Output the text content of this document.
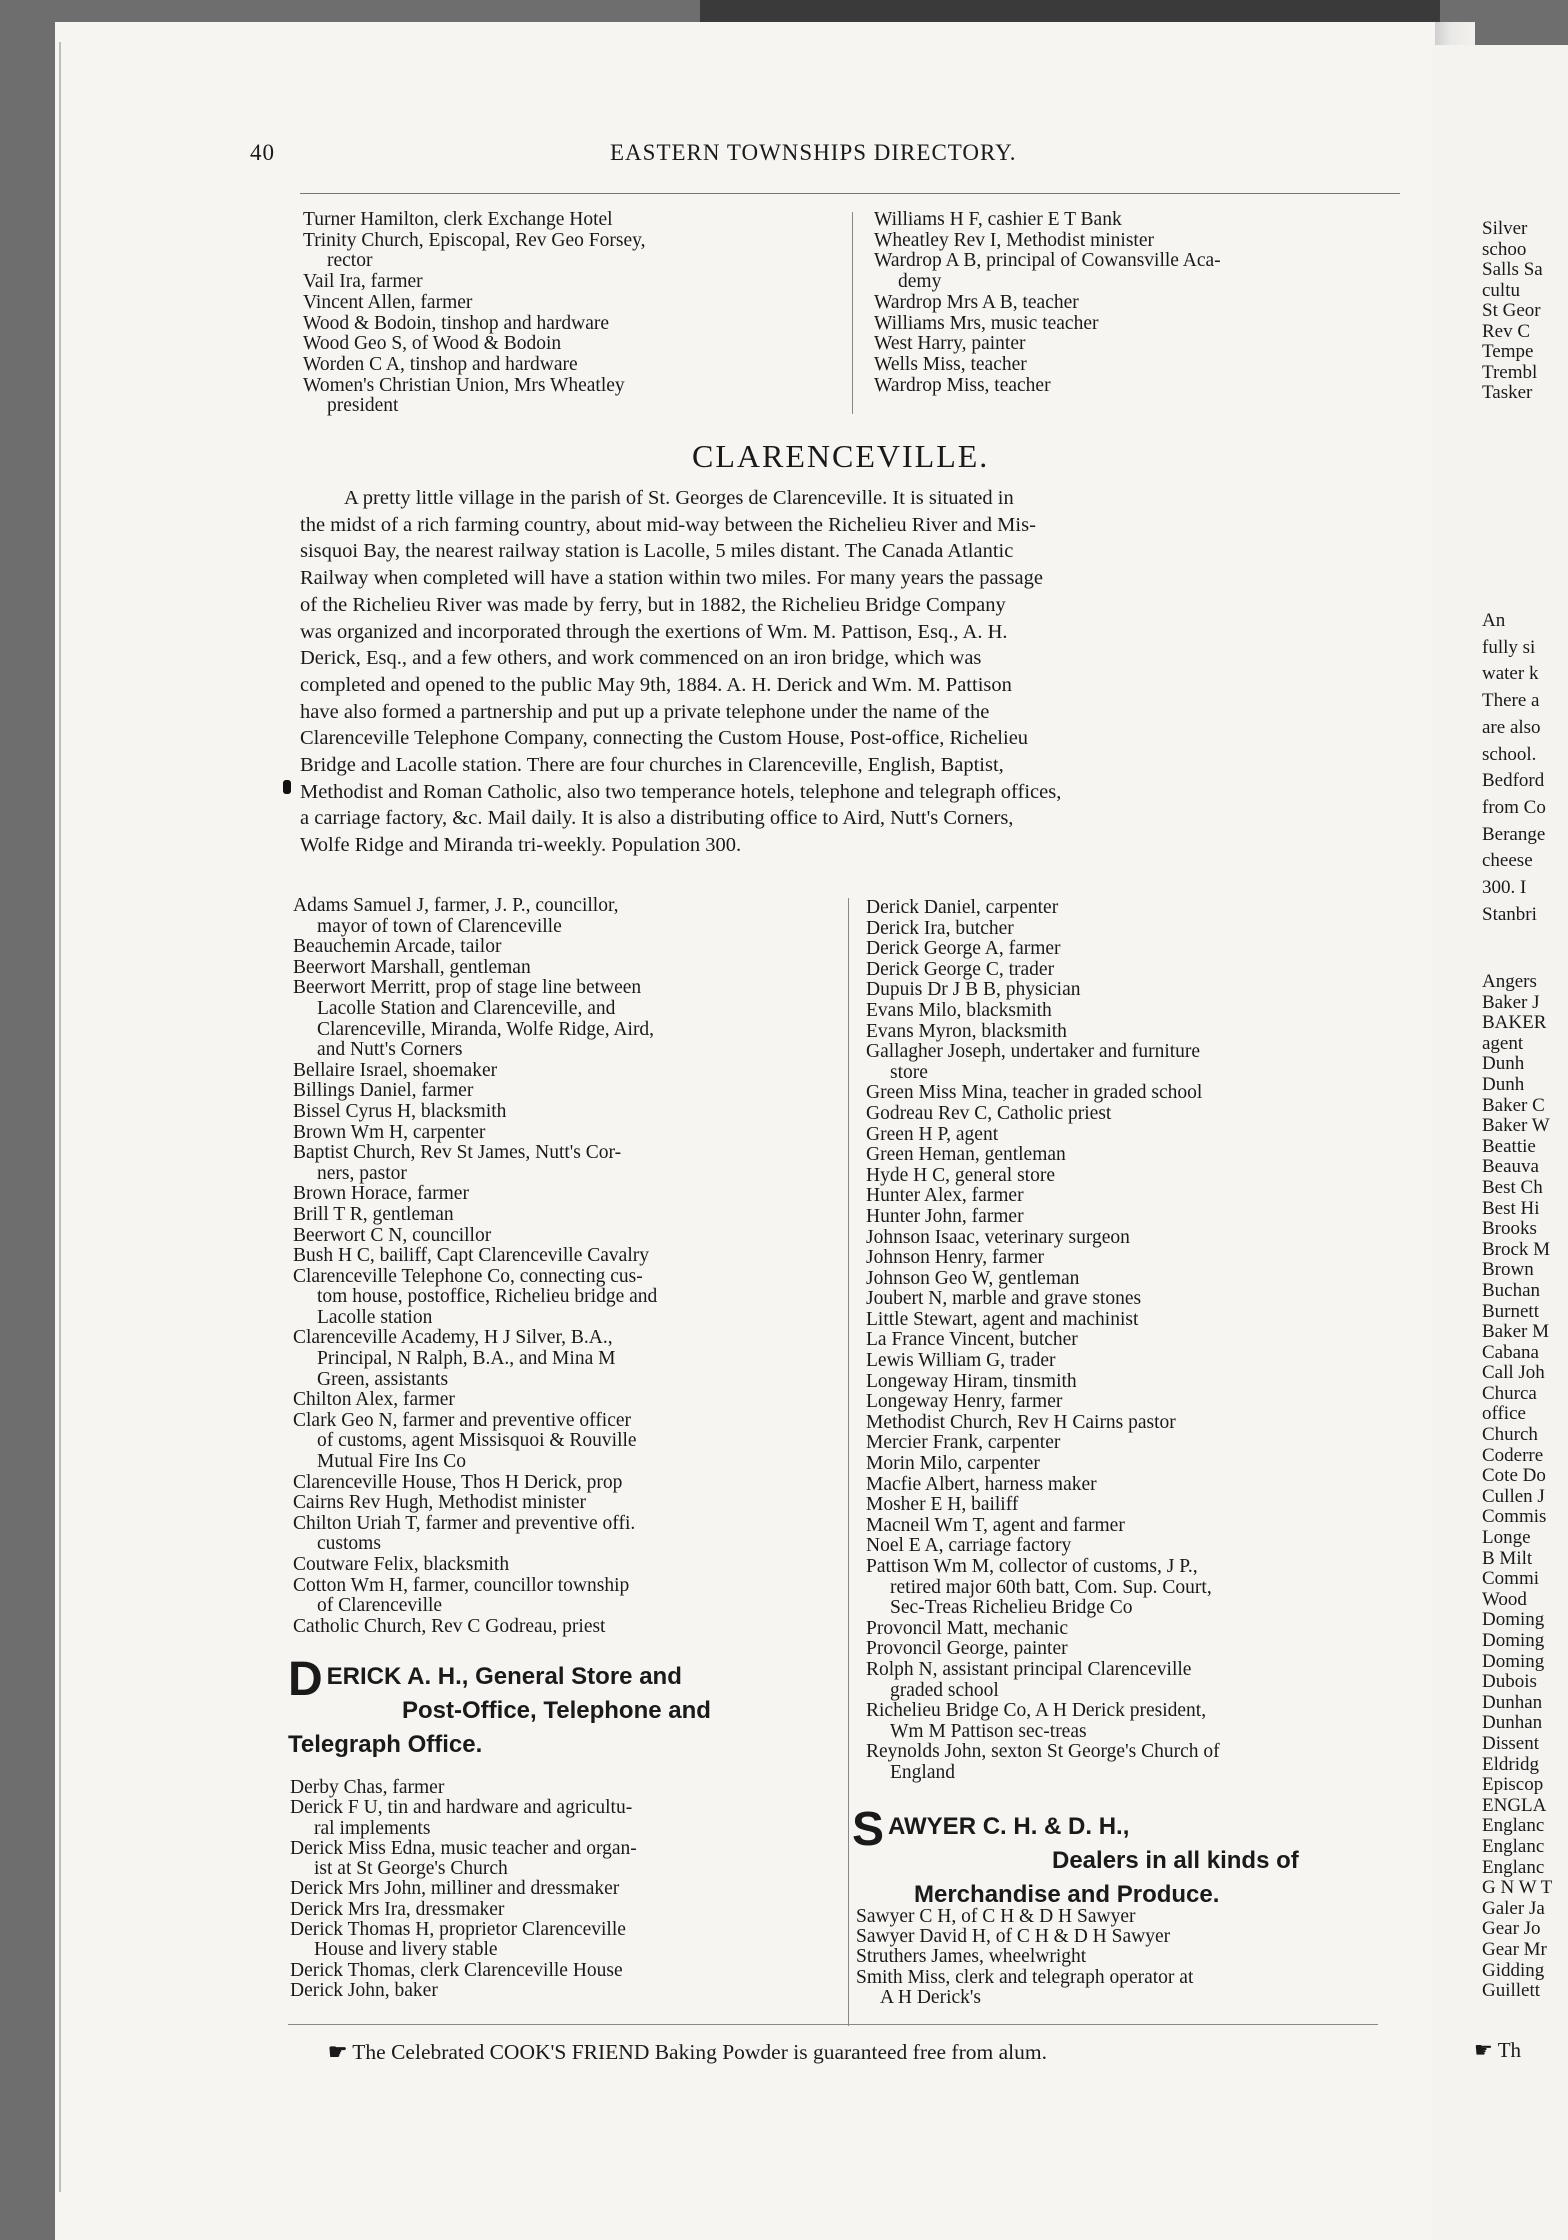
Silver
schoo
Salls Sa
cultu
St Geor
Rev C
Tempe
Trembl
Tasker
An
fully si
water k
There a
are also
school.
Bedford
from Co
Berange
cheese
300. I
Stanbri
Angers
Baker J
BAKER
agent
Dunh
Dunh
Baker C
Baker W
Beattie
Beauva
Best Ch
Best Hi
Brooks
Brock M
Brown
Buchan
Burnett
Baker M
Cabana
Call Joh
Churca
office
Church
Coderre
Cote Do
Cullen J
Commis
Longe
B Milt
Commi
Wood
Doming
Doming
Doming
Dubois
Dunhan
Dunhan
Dissent
Eldridg
Episcop
ENGLA
Englanc
Englanc
Englanc
G N W T
Galer Ja
Gear Jo
Gear Mr
Gidding
Guillett
☛ Th
40	EASTERN TOWNSHIPS DIRECTORY.
Turner Hamilton, clerk Exchange Hotel
Trinity Church, Episcopal, Rev Geo Forsey,
rector
Vail Ira, farmer
Vincent Allen, farmer
Wood & Bodoin, tinshop and hardware
Wood Geo S, of Wood & Bodoin
Worden C A, tinshop and hardware
Women's Christian Union, Mrs Wheatley
president
Williams H F, cashier E T Bank
Wheatley Rev I, Methodist minister
Wardrop A B, principal of Cowansville Aca-
demy
Wardrop Mrs A B, teacher
Williams Mrs, music teacher
West Harry, painter
Wells Miss, teacher
Wardrop Miss, teacher
CLARENCEVILLE.
A pretty little village in the parish of St. Georges de Clarenceville. It is situated in
the midst of a rich farming country, about mid-way between the Richelieu River and Mis-
sisquoi Bay, the nearest railway station is Lacolle, 5 miles distant. The Canada Atlantic
Railway when completed will have a station within two miles. For many years the passage
of the Richelieu River was made by ferry, but in 1882, the Richelieu Bridge Company
was organized and incorporated through the exertions of Wm. M. Pattison, Esq., A. H.
Derick, Esq., and a few others, and work commenced on an iron bridge, which was
completed and opened to the public May 9th, 1884. A. H. Derick and Wm. M. Pattison
have also formed a partnership and put up a private telephone under the name of the
Clarenceville Telephone Company, connecting the Custom House, Post-office, Richelieu
Bridge and Lacolle station. There are four churches in Clarenceville, English, Baptist,
Methodist and Roman Catholic, also two temperance hotels, telephone and telegraph offices,
a carriage factory, &c. Mail daily. It is also a distributing office to Aird, Nutt's Corners,
Wolfe Ridge and Miranda tri-weekly. Population 300.
Adams Samuel J, farmer, J. P., councillor,
mayor of town of Clarenceville
Beauchemin Arcade, tailor
Beerwort Marshall, gentleman
Beerwort Merritt, prop of stage line between
Lacolle Station and Clarenceville, and
Clarenceville, Miranda, Wolfe Ridge, Aird,
and Nutt's Corners
Bellaire Israel, shoemaker
Billings Daniel, farmer
Bissel Cyrus H, blacksmith
Brown Wm H, carpenter
Baptist Church, Rev St James, Nutt's Cor-
ners, pastor
Brown Horace, farmer
Brill T R, gentleman
Beerwort C N, councillor
Bush H C, bailiff, Capt Clarenceville Cavalry
Clarenceville Telephone Co, connecting cus-
tom house, postoffice, Richelieu bridge and
Lacolle station
Clarenceville Academy, H J Silver, B.A.,
Principal, N Ralph, B.A., and Mina M
Green, assistants
Chilton Alex, farmer
Clark Geo N, farmer and preventive officer
of customs, agent Missisquoi & Rouville
Mutual Fire Ins Co
Clarenceville House, Thos H Derick, prop
Cairns Rev Hugh, Methodist minister
Chilton Uriah T, farmer and preventive offi.
customs
Coutware Felix, blacksmith
Cotton Wm H, farmer, councillor township
of Clarenceville
Catholic Church, Rev C Godreau, priest
Derick Daniel, carpenter
Derick Ira, butcher
Derick George A, farmer
Derick George C, trader
Dupuis Dr J B B, physician
Evans Milo, blacksmith
Evans Myron, blacksmith
Gallagher Joseph, undertaker and furniture
store
Green Miss Mina, teacher in graded school
Godreau Rev C, Catholic priest
Green H P, agent
Green Heman, gentleman
Hyde H C, general store
Hunter Alex, farmer
Hunter John, farmer
Johnson Isaac, veterinary surgeon
Johnson Henry, farmer
Johnson Geo W, gentleman
Joubert N, marble and grave stones
Little Stewart, agent and machinist
La France Vincent, butcher
Lewis William G, trader
Longeway Hiram, tinsmith
Longeway Henry, farmer
Methodist Church, Rev H Cairns pastor
Mercier Frank, carpenter
Morin Milo, carpenter
Macfie Albert, harness maker
Mosher E H, bailiff
Macneil Wm T, agent and farmer
Noel E A, carriage factory
Pattison Wm M, collector of customs, J P.,
retired major 60th batt, Com. Sup. Court,
Sec-Treas Richelieu Bridge Co
Provoncil Matt, mechanic
Provoncil George, painter
Rolph N, assistant principal Clarenceville
graded school
Richelieu Bridge Co, A H Derick president,
Wm M Pattison sec-treas
Reynolds John, sexton St George's Church of
England
D ERICK A. H., General Store and
Post-Office, Telephone and
Telegraph Office.
Derby Chas, farmer
Derick F U, tin and hardware and agricultu-
ral implements
Derick Miss Edna, music teacher and organ-
ist at St George's Church
Derick Mrs John, milliner and dressmaker
Derick Mrs Ira, dressmaker
Derick Thomas H, proprietor Clarenceville
House and livery stable
Derick Thomas, clerk Clarenceville House
Derick John, baker
S AWYER C. H. & D. H.,
Dealers in all kinds of
Merchandise and Produce.
Sawyer C H, of C H & D H Sawyer
Sawyer David H, of C H & D H Sawyer
Struthers James, wheelwright
Smith Miss, clerk and telegraph operator at
A H Derick's
☛ The Celebrated COOK'S FRIEND Baking Powder is guaranteed free from alum.
